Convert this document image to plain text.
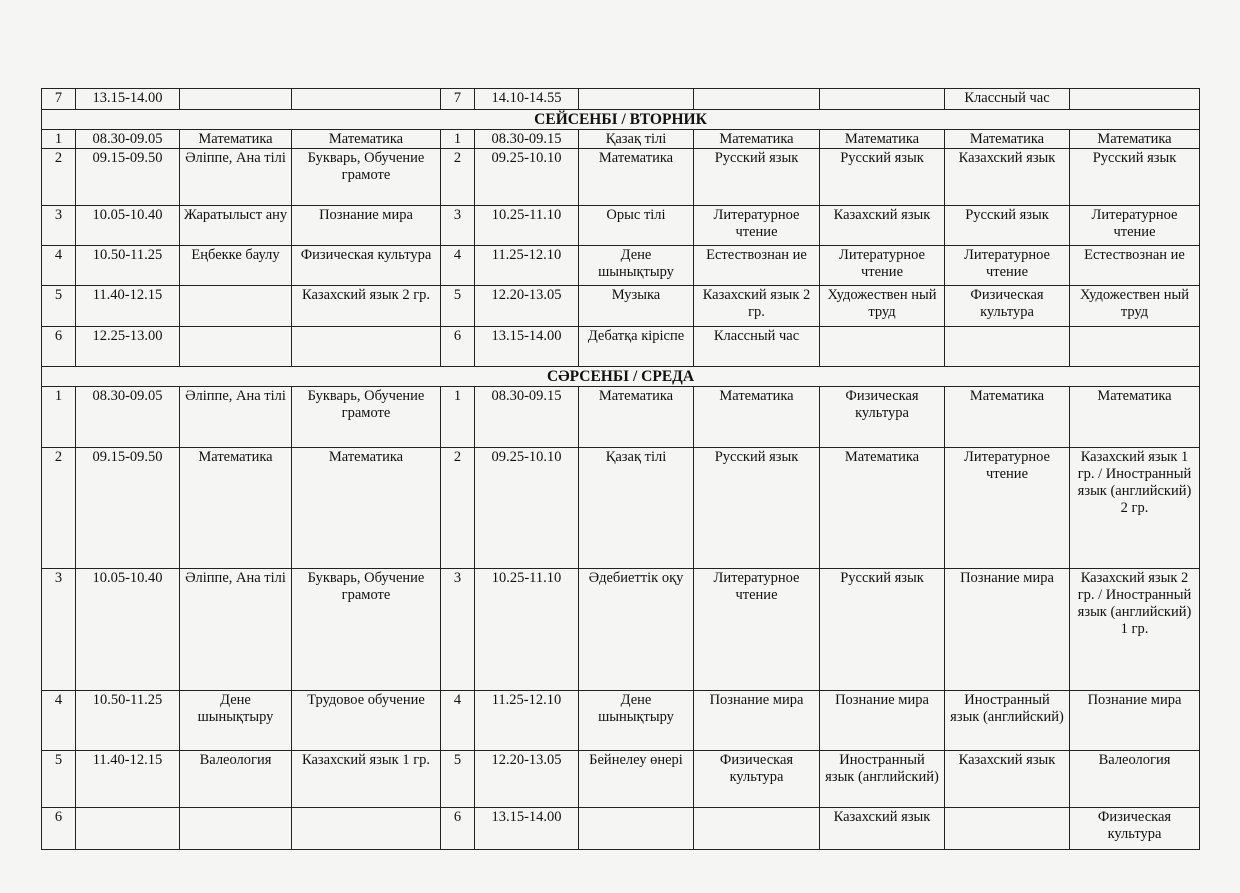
7	13.15-14.00			7	14.10-14.55				Классный час	
СЕЙСЕНБІ / ВТОРНИК										
1	08.30-09.05	Математика	Математика	1	08.30-09.15	Қазақ тілі	Математика	Математика	Математика	Математика
2	09.15-09.50	Әліппе, Ана тілі	Букварь, Обучение грамоте	2	09.25-10.10	Математика	Русский язык	Русский язык	Казахский язык	Русский язык
3	10.05-10.40	Жаратылыст ану	Познание мира	3	10.25-11.10	Орыс тілі	Литературное чтение	Казахский язык	Русский язык	Литературное чтение
4	10.50-11.25	Еңбекке баулу	Физическая культура	4	11.25-12.10	Дене шынықтыру	Естествознан ие	Литературное чтение	Литературное чтение	Естествознан ие
5	11.40-12.15		Казахский язык 2 гр.	5	12.20-13.05	Музыка	Казахский язык 2 гр.	Художествен ный труд	Физическая культура	Художествен ный труд
6	12.25-13.00			6	13.15-14.00	Дебатқа кіріспе	Классный час			
СӘРСЕНБІ / СРЕДА										
1	08.30-09.05	Әліппе, Ана тілі	Букварь, Обучение грамоте	1	08.30-09.15	Математика	Математика	Физическая культура	Математика	Математика
2	09.15-09.50	Математика	Математика	2	09.25-10.10	Қазақ тілі	Русский язык	Математика	Литературное чтение	Казахский язык 1 гр. / Иностранный язык (английский) 2 гр.
3	10.05-10.40	Әліппе, Ана тілі	Букварь, Обучение грамоте	3	10.25-11.10	Әдебиеттік оқу	Литературное чтение	Русский язык	Познание мира	Казахский язык 2 гр. / Иностранный язык (английский) 1 гр.
4	10.50-11.25	Дене шынықтыру	Трудовое обучение	4	11.25-12.10	Дене шынықтыру	Познание мира	Познание мира	Иностранный язык (английский)	Познание мира
5	11.40-12.15	Валеология	Казахский язык 1 гр.	5	12.20-13.05	Бейнелеу өнері	Физическая культура	Иностранный язык (английский)	Казахский язык	Валеология
6				6	13.15-14.00			Казахский язык		Физическая культура
